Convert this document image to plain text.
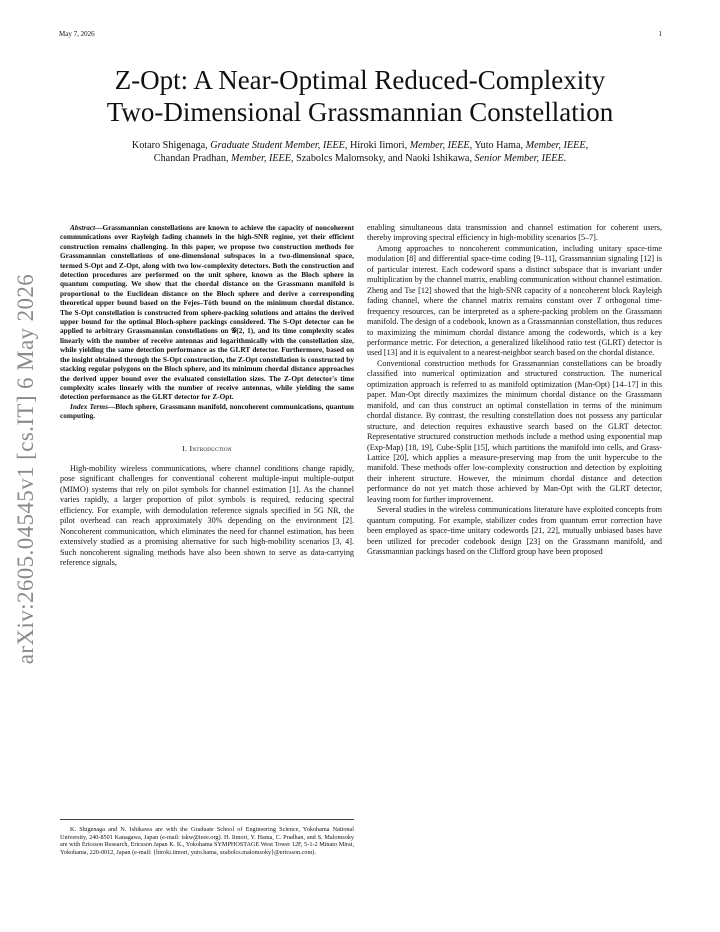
May 7, 2026	1
Z-Opt: A Near-Optimal Reduced-Complexity
Two-Dimensional Grassmannian Constellation
Kotaro Shigenaga, Graduate Student Member, IEEE, Hiroki Iimori, Member, IEEE, Yuto Hama, Member, IEEE,
Chandan Pradhan, Member, IEEE, Szabolcs Malomsoky, and Naoki Ishikawa, Senior Member, IEEE.
arXiv:2605.04545v1 [cs.IT] 6 May 2026

Abstract—Grassmannian constellations are known to achieve the capacity of noncoherent communications over Rayleigh fading channels in the high-SNR regime, yet their efficient construction remains challenging. In this paper, we propose two construction methods for Grassmannian constellations of one-dimensional subspaces in a two-dimensional space, termed S-Opt and Z-Opt, along with two low-complexity detectors. Both the construction and detection procedures are performed on the unit sphere, known as the Bloch sphere in quantum computing. We show that the chordal distance on the Grassmann manifold is proportional to the Euclidean distance on the Bloch sphere and derive a corresponding theoretical upper bound based on the Fejes–Tóth bound on the minimum chordal distance. The S-Opt constellation is constructed from sphere-packing solutions and attains the derived upper bound for the optimal Bloch-sphere packings considered. The S-Opt detector can be applied to arbitrary Grassmannian constellations on 𝒢(2, 1), and its time complexity scales linearly with the number of receive antennas and logarithmically with the constellation size, while yielding the same detection performance as the GLRT detector. Furthermore, based on the insight obtained through the S-Opt construction, the Z-Opt constellation is constructed by stacking regular polygons on the Bloch sphere, and its minimum chordal distance approaches the derived upper bound over the evaluated constellation sizes. The Z-Opt detector's time complexity scales linearly with the number of receive antennas, while yielding the same detection performance as the GLRT detector for Z-Opt.

Index Terms—Bloch sphere, Grassmann manifold, noncoherent communications, quantum computing.

I. Introduction

High-mobility wireless communications, where channel conditions change rapidly, pose significant challenges for conventional coherent multiple-input multiple-output (MIMO) systems that rely on pilot symbols for channel estimation [1]. As the channel varies rapidly, a larger proportion of pilot symbols is required, reducing spectral efficiency. For example, with demodulation reference signals specified in 5G NR, the pilot overhead can reach approximately 30% depending on the environment [2]. Noncoherent communication, which eliminates the need for channel estimation, has been extensively studied as a promising alternative for such high-mobility scenarios [3, 4]. Such noncoherent signaling methods have also been shown to serve as data-carrying reference signals,

K. Shigenaga and N. Ishikawa are with the Graduate School of Engineering Science, Yokohama National University, 240-8501 Kanagawa, Japan (e-mail: iskw@ieee.org). H. Iimori, Y. Hama, C. Pradhan, and S. Malomsoky are with Ericsson Research, Ericsson Japan K. K., Yokohama SYMPHOSTAGE West Tower 12F, 5-1-2 Minato Mirai, Yokohama, 220-0012, Japan (e-mail: {hiroki.iimori, yuto.hama, szabolcs.malomsoky}@ericsson.com).

enabling simultaneous data transmission and channel estimation for coherent users, thereby improving spectral efficiency in high-mobility scenarios [5–7].

Among approaches to noncoherent communication, including unitary space-time modulation [8] and differential space-time coding [9–11], Grassmannian signaling [12] is of particular interest. Each codeword spans a distinct subspace that is invariant under multiplication by the channel matrix, enabling communication without channel estimation. Zheng and Tse [12] showed that the high-SNR capacity of a noncoherent block Rayleigh fading channel, where the channel matrix remains constant over T orthogonal time-frequency resources, can be interpreted as a sphere-packing problem on the Grassmann manifold. The design of a codebook, known as a Grassmannian constellation, thus reduces to maximizing the minimum chordal distance among the codewords, which is a key performance metric. For detection, a generalized likelihood ratio test (GLRT) detector is used [13] and it is equivalent to a nearest-neighbor search based on the chordal distance.

Conventional construction methods for Grassmannian constellations can be broadly classified into numerical optimization and structured construction. The numerical optimization approach is referred to as manifold optimization (Man-Opt) [14–17] in this paper. Man-Opt directly maximizes the minimum chordal distance on the Grassmann manifold, and can thus construct an optimal constellation in terms of the minimum chordal distance. By contrast, the resulting constellation does not possess any particular structure, and detection requires exhaustive search based on the GLRT detector. Representative structured construction methods include a method using exponential map (Exp-Map) [18, 19], Cube-Split [15], which partitions the manifold into cells, and Grass-Lattice [20], which applies a measure-preserving map from the unit hypercube to the manifold. These methods offer low-complexity construction and detection by exploiting their inherent structure. However, the minimum chordal distance and detection performance do not yet match those achieved by Man-Opt with the GLRT detector, leaving room for further improvement.

Several studies in the wireless communications literature have exploited concepts from quantum computing. For example, stabilizer codes from quantum error correction have been employed as space-time unitary codewords [21, 22], mutually unbiased bases have been utilized for precoder codebook design [23] on the Grassmann manifold, and Grassmannian packings based on the Clifford group have been proposed
